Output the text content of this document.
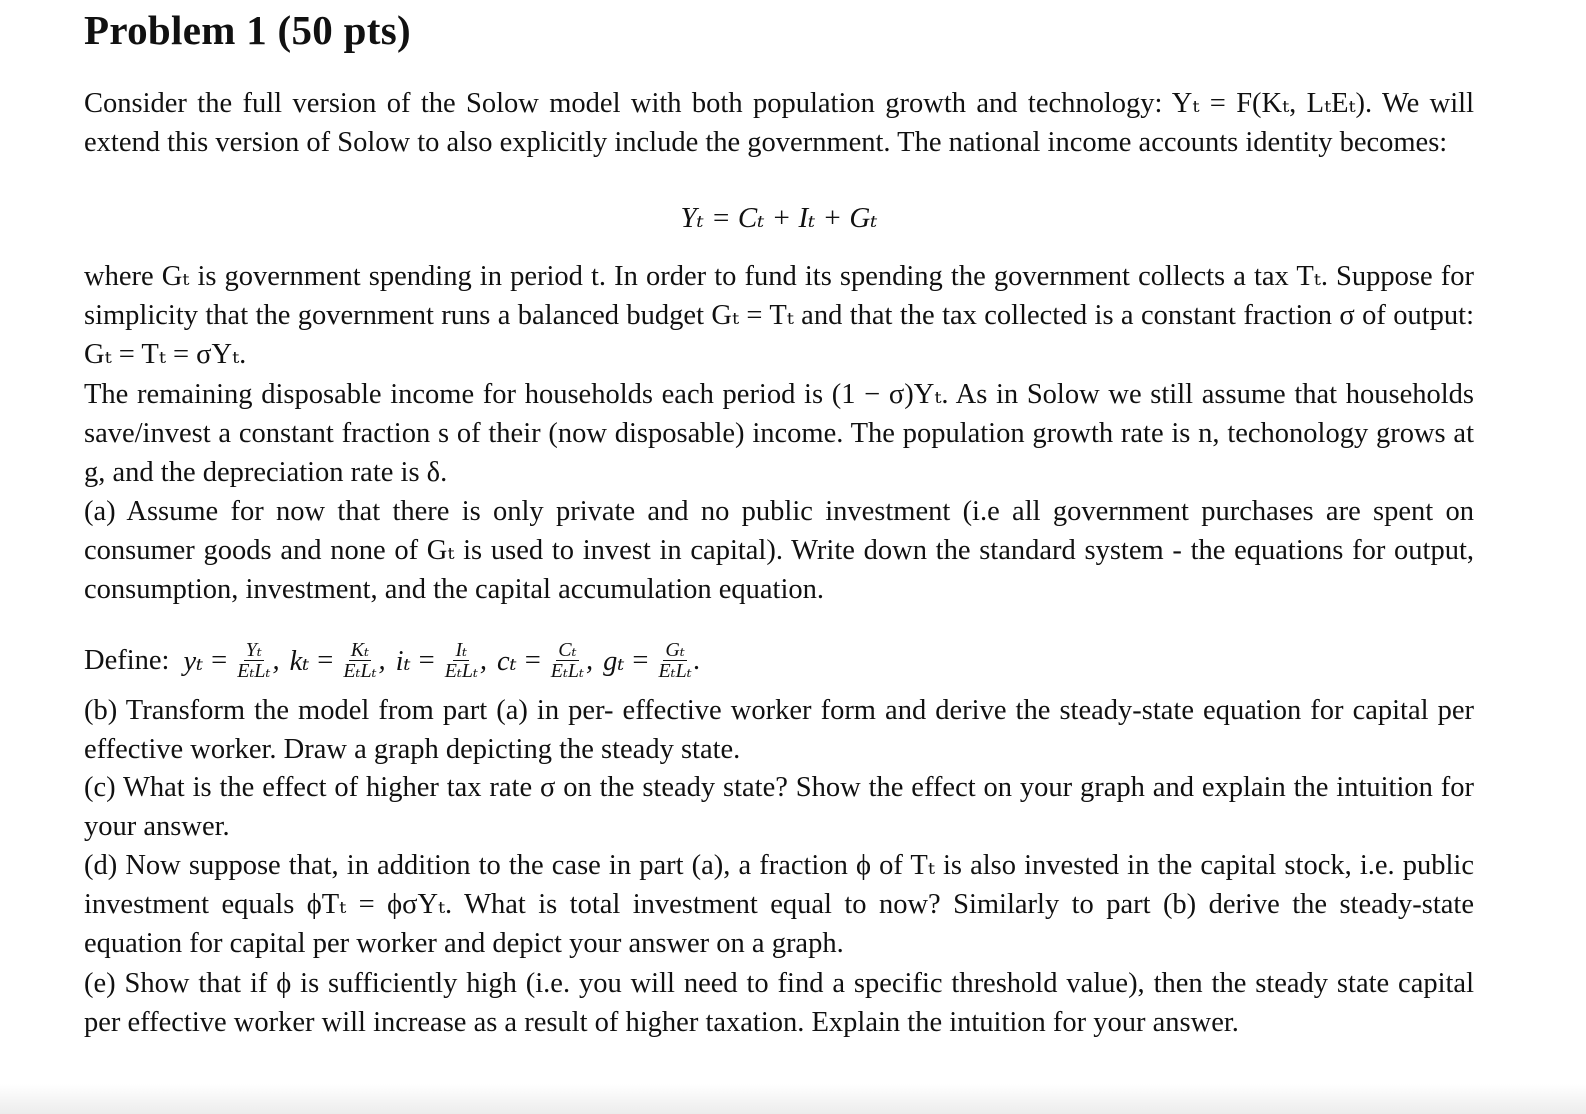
Problem 1 (50 pts)
Consider the full version of the Solow model with both population growth and technology: Yₜ = F(Kₜ, LₜEₜ). We will extend this version of Solow to also explicitly include the government. The national income accounts identity becomes:
Yₜ = Cₜ + Iₜ + Gₜ
where Gₜ is government spending in period t. In order to fund its spending the government collects a tax Tₜ. Suppose for simplicity that the government runs a balanced budget Gₜ = Tₜ and that the tax collected is a constant fraction σ of output: Gₜ = Tₜ = σYₜ.
The remaining disposable income for households each period is (1 − σ)Yₜ. As in Solow we still assume that households save/invest a constant fraction s of their (now disposable) income. The population growth rate is n, techonology grows at g, and the depreciation rate is δ.
(a) Assume for now that there is only private and no public investment (i.e all government purchases are spent on consumer goods and none of Gₜ is used to invest in capital). Write down the standard system - the equations for output, consumption, investment, and the capital accumulation equation.
Define: $y_t = \frac{\text{Yₜ}}{\text{EₜLₜ}}$ , $k_t = \frac{\text{Kₜ}}{\text{EₜLₜ}}$ , $i_t = \frac{\text{Iₜ}}{\text{EₜLₜ}}$ , $c_t = \frac{\text{Cₜ}}{\text{EₜLₜ}}$ , $g_t = \frac{\text{Gₜ}}{\text{EₜLₜ}}$ .
(b) Transform the model from part (a) in per- effective worker form and derive the steady-state equation for capital per effective worker. Draw a graph depicting the steady state.
(c) What is the effect of higher tax rate σ on the steady state? Show the effect on your graph and explain the intuition for your answer.
(d) Now suppose that, in addition to the case in part (a), a fraction ϕ of Tₜ is also invested in the capital stock, i.e. public investment equals ϕTₜ = ϕσYₜ. What is total investment equal to now? Similarly to part (b) derive the steady-state equation for capital per worker and depict your answer on a graph.
(e) Show that if ϕ is sufficiently high (i.e. you will need to find a specific threshold value), then the steady state capital per effective worker will increase as a result of higher taxation. Explain the intuition for your answer.
